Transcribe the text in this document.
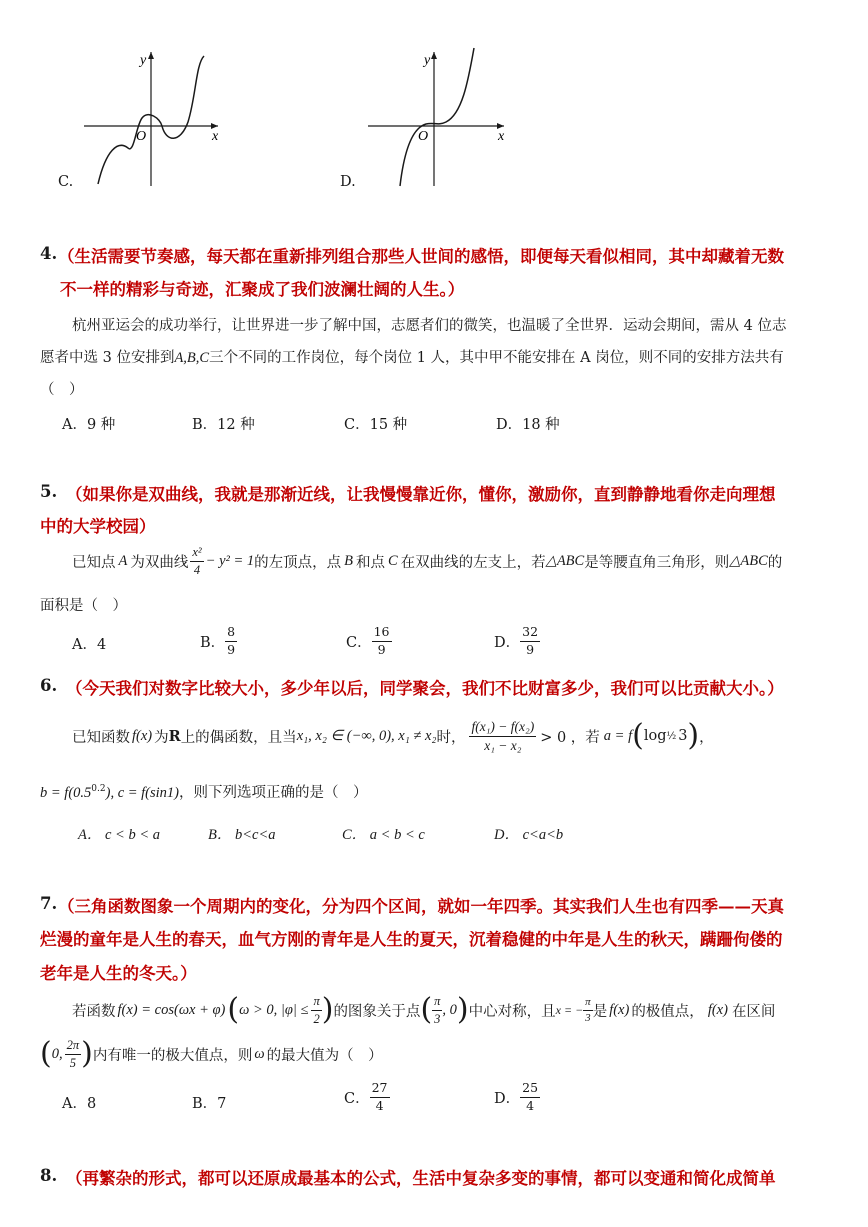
C.
y
x
O
D.
y
x
O
4. （生活需要节奏感，每天都在重新排列组合那些人世间的感悟，即便每天看似相同，其中却藏着无数
不一样的精彩与奇迹，汇聚成了我们波澜壮阔的人生。）
杭州亚运会的成功举行，让世界进一步了解中国，志愿者们的微笑，也温暖了全世界．运动会期间，需从 4 位志
愿者中选 3 位安排到A,B,C三个不同的工作岗位，每个岗位 1 人，其中甲不能安排在 A 岗位，则不同的安排方法共有
（　）
A．9 种	B．12 种	C．15 种	D．18 种
5. （如果你是双曲线，我就是那渐近线，让我慢慢靠近你，懂你，激励你，直到静静地看你走向理想
中的大学校园）
已知点 A 为双曲线 $\frac{\text{x²}}{4} - y^2 = 1$ 的左顶点，点 B 和点 C 在双曲线的左支上，若 △ABC 是等腰直角三角形，则 △ABC 的
面积是（　）
A．4	B． $\frac{8}{9}$	C． $\frac{16}{9}$	D． $\frac{32}{9}$
6. （今天我们对数字比较大小，多少年以后，同学聚会，我们不比财富多少，我们可以比贡献大小。）
已知函数 f(x) 为 R 上的偶函数，且当 x₁, x₂ ∈ (−∞, 0), x₁ ≠ x₂ 时， $\frac{\text{f(x₁) − f(x₂)}}{\text{x₁ − x₂}} > 0$ ，若 a = f ( log ½ 3 ) ，
$b = f(0.5^{0.2})$, c = f(sin1)，则下列选项正确的是（　）
A． c < b < a	B． b<c<a	C． a < b < c	D． c<a<b
7. （三角函数图象一个周期内的变化，分为四个区间，就如一年四季。其实我们人生也有四季——天真
烂漫的童年是人生的春天，血气方刚的青年是人生的夏天，沉着稳健的中年是人生的秋天，蹒跚佝偻的
老年是人生的冬天。）
若函数 f(x) = cos(ωx + φ) ( ω > 0, $|\varphi| \le \frac{\pi}{2}$ ) 的图象关于点 ( $\frac{\pi}{3}$ , 0 ) 中心对称，且 x = − $\frac{\pi}{3}$ 是 f(x) 的极值点， f(x) 在区间
( 0, $\frac{2\pi}{5}$ ) 内有唯一的极大值点，则 ω 的最大值为（　）
A．8	B．7	C． $\frac{27}{4}$	D． $\frac{25}{4}$
8. （再繁杂的形式，都可以还原成最基本的公式，生活中复杂多变的事情，都可以变通和简化成简单
